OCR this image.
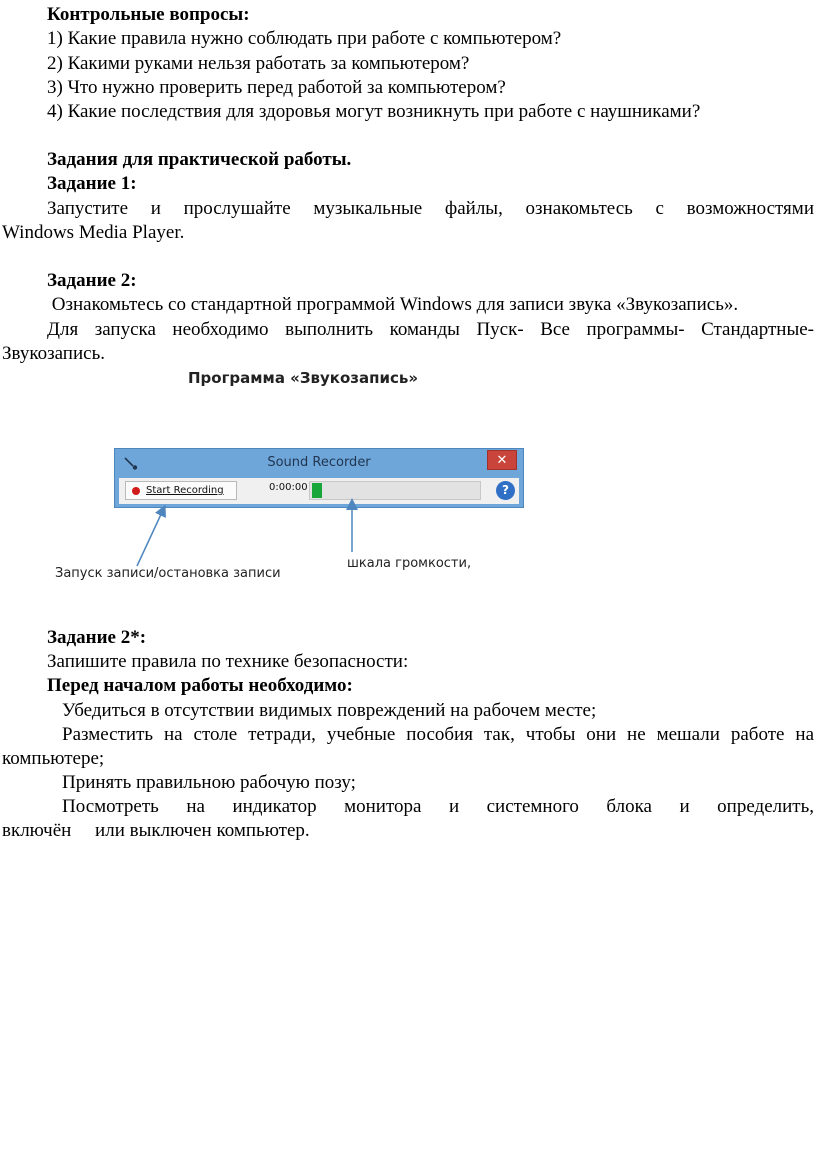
Контрольные вопросы:
1) Какие правила нужно соблюдать при работе с компьютером?
2) Какими руками нельзя работать за компьютером?
3) Что нужно проверить перед работой за компьютером?
4) Какие последствия для здоровья могут возникнуть при работе с наушниками?
Задания для практической работы.
Задание 1:
Запустите и прослушайте музыкальные файлы, ознакомьтесь с возможностями
Windows Media Player.
Задание 2:
Ознакомьтесь со стандартной программой Windows для записи звука «Звукозапись».
Для запуска необходимо выполнить команды Пуск- Все программы- Стандартные-
Звукозапись.
Программа «Звукозапись»
Sound Recorder	✕
Start Recording	0:00:00	?
Запуск записи/остановка записи
шкала громкости,
Задание 2*:
Запишите правила по технике безопасности:
Перед началом работы необходимо:
Убедиться в отсутствии видимых повреждений на рабочем месте;
Разместить на столе тетради, учебные пособия так, чтобы они не мешали работе на
компьютере;
Принять правильною рабочую позу;
Посмотреть на индикатор монитора и системного блока и определить,
включён     или выключен компьютер.
